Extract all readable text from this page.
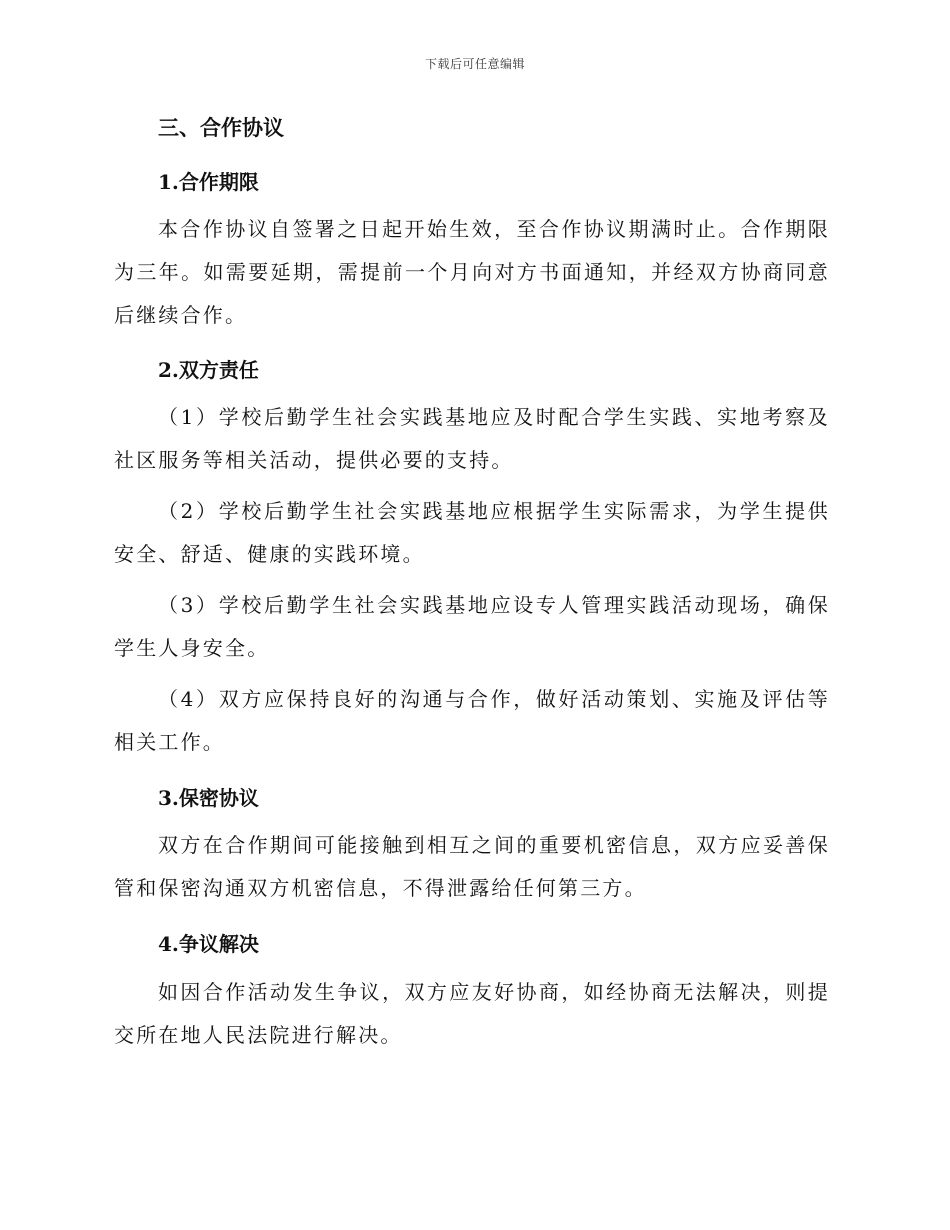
下载后可任意编辑
三、合作协议
1.合作期限

本合作协议自签署之日起开始生效，至合作协议期满时止。合作期限为三年。如需要延期，需提前一个月向对方书面通知，并经双方协商同意后继续合作。

2.双方责任

（1）学校后勤学生社会实践基地应及时配合学生实践、实地考察及社区服务等相关活动，提供必要的支持。

（2）学校后勤学生社会实践基地应根据学生实际需求，为学生提供安全、舒适、健康的实践环境。

（3）学校后勤学生社会实践基地应设专人管理实践活动现场，确保学生人身安全。

（4）双方应保持良好的沟通与合作，做好活动策划、实施及评估等相关工作。

3.保密协议

双方在合作期间可能接触到相互之间的重要机密信息，双方应妥善保管和保密沟通双方机密信息，不得泄露给任何第三方。

4.争议解决

如因合作活动发生争议，双方应友好协商，如经协商无法解决，则提交所在地人民法院进行解决。
